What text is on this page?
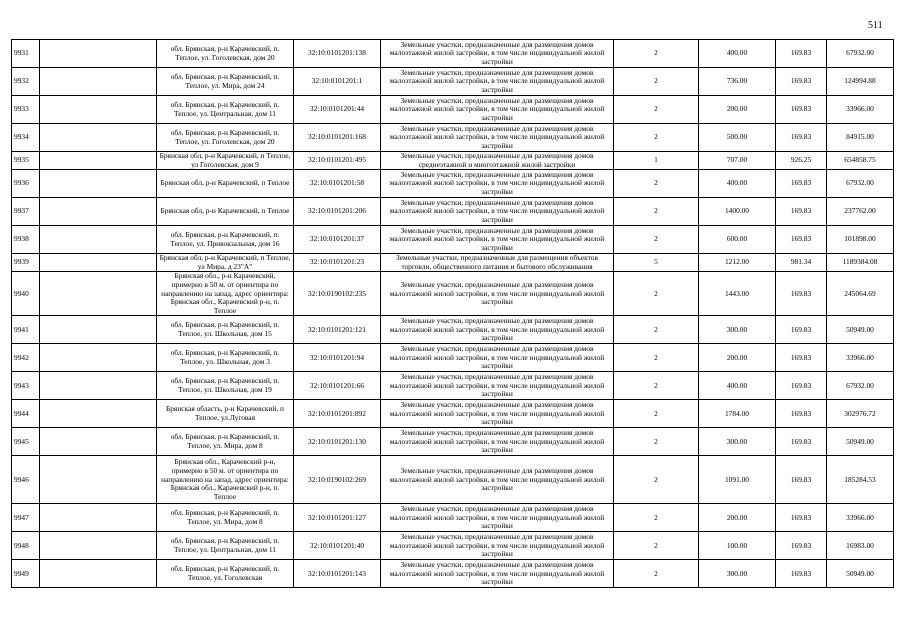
511
9931		обл. Брянская, р-н Карачевский, п. Теплое, ул. Гоголевская, дом 20	32:10:0101201:138	Земельные участки, предназначенные для размещения домов малоэтажной жилой застройки, в том числе индивидуальной жилой застройки	2	400.00	169.83	67932.00
9932		обл. Брянская, р-н Карачевский, п. Теплое, ул. Мира, дом 24	32:10:0101201:1	Земельные участки, предназначенные для размещения домов малоэтажной жилой застройки, в том числе индивидуальной жилой застройки	2	736.00	169.83	124994.88
9933		обл. Брянская, р-н Карачевский, п. Теплое, ул. Центральная, дом 11	32:10:0101201:44	Земельные участки, предназначенные для размещения домов малоэтажной жилой застройки, в том числе индивидуальной жилой застройки	2	200.00	169.83	33966.00
9934		обл. Брянская, р-н Карачевский, п. Теплое, ул. Гоголевская, дом 20	32:10:0101201:168	Земельные участки, предназначенные для размещения домов малоэтажной жилой застройки, в том числе индивидуальной жилой застройки	2	500.00	169.83	84915.00
9935		Брянская обл, р-н Карачевский, п Теплое, ул Гоголевская, дом 9	32:10:0101201:495	Земельные участки, предназначенные для размещения домов среднеэтажной и многоэтажной жилой застройки	1	707.00	926.25	654858.75
9936		Брянская обл, р-н Карачевский, п Теплое	32:10:0101201:58	Земельные участки, предназначенные для размещения домов малоэтажной жилой застройки, в том числе индивидуальной жилой застройки	2	400.00	169.83	67932.00
9937		Брянская обл, р-н Карачевский, п Теплое	32:10:0101201:206	Земельные участки, предназначенные для размещения домов малоэтажной жилой застройки, в том числе индивидуальной жилой застройки	2	1400.00	169.83	237762.00
9938		обл. Брянская, р-н Карачевский, п. Теплое, ул. Привокзальная, дом 16	32:10:0101201:37	Земельные участки, предназначенные для размещения домов малоэтажной жилой застройки, в том числе индивидуальной жилой застройки	2	600.00	169.83	101898.00
9939		Брянская обл, р-н Карачевский, п Теплое, ул Мира, д 23"А"	32:10:0101201:23	Земельные участки, предназначенные для размещения объектов торговли, общественного питания и бытового обслуживания	5	1212.00	981.34	1189384.08
9940		Брянская обл., р-н Карачевский, примерно в 50 м. от ориентира по направлению на запад, адрес ориентира: Брянская обл., Карачевский р-н, п. Теплое	32:10:0190102:235	Земельные участки, предназначенные для размещения домов малоэтажной жилой застройки, в том числе индивидуальной жилой застройки	2	1443.00	169.83	245064.69
9941		обл. Брянская, р-н Карачевский, п. Теплое, ул. Школьная, дом 15	32:10:0101201:121	Земельные участки, предназначенные для размещения домов малоэтажной жилой застройки, в том числе индивидуальной жилой застройки	2	300.00	169.83	50949.00
9942		обл. Брянская, р-н Карачевский, п. Теплое, ул. Школьная, дом 3	32:10:0101201:94	Земельные участки, предназначенные для размещения домов малоэтажной жилой застройки, в том числе индивидуальной жилой застройки	2	200.00	169.83	33966.00
9943		обл. Брянская, р-н Карачевский, п. Теплое, ул. Школьная, дом 19	32:10:0101201:66	Земельные участки, предназначенные для размещения домов малоэтажной жилой застройки, в том числе индивидуальной жилой застройки	2	400.00	169.83	67932.00
9944		Брянская область, р-н Карачевский, п Теплое, ул.Луговая	32:10:0101201:892	Земельные участки, предназначенные для размещения домов малоэтажной жилой застройки, в том числе индивидуальной жилой застройки	2	1784.00	169.83	302976.72
9945		обл. Брянская, р-н Карачевский, п. Теплое, ул. Мира, дом 8	32:10:0101201:130	Земельные участки, предназначенные для размещения домов малоэтажной жилой застройки, в том числе индивидуальной жилой застройки	2	300.00	169.83	50949.00
9946		Брянская обл., Карачевский р-н, примерно в 50 м. от ориентира по направлению на запад, адрес ориентира: Брянская обл., Карачевский р-н, п. Теплое	32:10:0190102:269	Земельные участки, предназначенные для размещения домов малоэтажной жилой застройки, в том числе индивидуальной жилой застройки	2	1091.00	169.83	185284.53
9947		обл. Брянская, р-н Карачевский, п. Теплое, ул. Мира, дом 8	32:10:0101201:127	Земельные участки, предназначенные для размещения домов малоэтажной жилой застройки, в том числе индивидуальной жилой застройки	2	200.00	169.83	33966.00
9948		обл. Брянская, р-н Карачевский, п. Теплое, ул. Центральная, дом 11	32:10:0101201:40	Земельные участки, предназначенные для размещения домов малоэтажной жилой застройки, в том числе индивидуальной жилой застройки	2	100.00	169.83	16983.00
9949		обл. Брянская, р-н Карачевский, п. Теплое, ул. Гоголевская	32:10:0101201:143	Земельные участки, предназначенные для размещения домов малоэтажной жилой застройки, в том числе индивидуальной жилой застройки	2	300.00	169.83	50949.00
